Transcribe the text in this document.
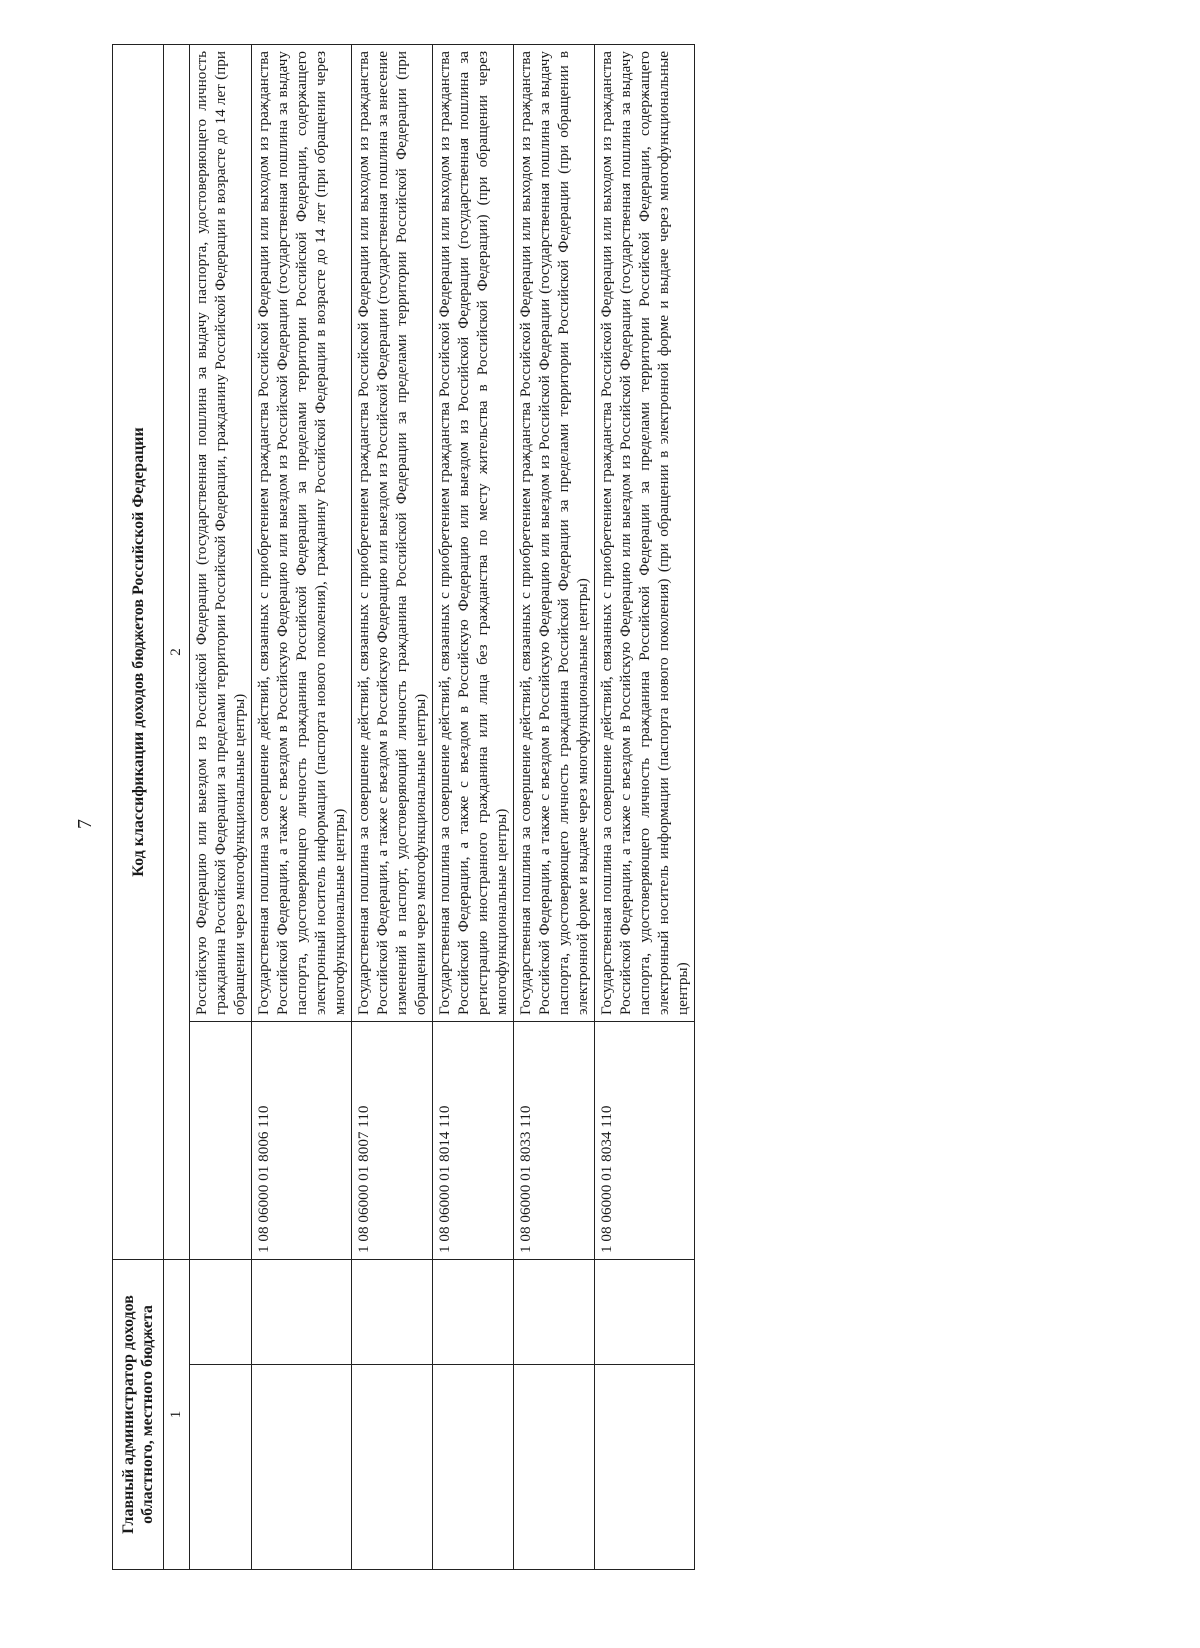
7
Главный администратор доходов областного, местного бюджета		Код классификации доходов бюджетов Российской Федерации	
1		2	
			Российскую Федерацию или выездом из Российской Федерации (государственная пошлина за выдачу паспорта, удостоверяющего личность гражданина Российской Федерации за пределами территории Российской Федерации, гражданину Российской Федерации в возрасте до 14 лет (при обращении через многофункциональные центры)
		1 08 06000 01 8006 110	Государственная пошлина за совершение действий, связанных с приобретением гражданства Российской Федерации или выходом из гражданства Российской Федерации, а также с въездом в Российскую Федерацию или выездом из Российской Федерации (государственная пошлина за выдачу паспорта, удостоверяющего личность гражданина Российской Федерации за пределами территории Российской Федерации, содержащего электронный носитель информации (паспорта нового поколения), гражданину Российской Федерации в возрасте до 14 лет (при обращении через многофункциональные центры)
		1 08 06000 01 8007 110	Государственная пошлина за совершение действий, связанных с приобретением гражданства Российской Федерации или выходом из гражданства Российской Федерации, а также с въездом в Российскую Федерацию или выездом из Российской Федерации (государственная пошлина за внесение изменений в паспорт, удостоверяющий личность гражданина Российской Федерации за пределами территории Российской Федерации (при обращении через многофункциональные центры)
		1 08 06000 01 8014 110	Государственная пошлина за совершение действий, связанных с приобретением гражданства Российской Федерации или выходом из гражданства Российской Федерации, а также с въездом в Российскую Федерацию или выездом из Российской Федерации (государственная пошлина за регистрацию иностранного гражданина или лица без гражданства по месту жительства в Российской Федерации) (при обращении через многофункциональные центры)
		1 08 06000 01 8033 110	Государственная пошлина за совершение действий, связанных с приобретением гражданства Российской Федерации или выходом из гражданства Российской Федерации, а также с въездом в Российскую Федерацию или выездом из Российской Федерации (государственная пошлина за выдачу паспорта, удостоверяющего личность гражданина Российской Федерации за пределами территории Российской Федерации (при обращении в электронной форме и выдаче через многофункциональные центры)
		1 08 06000 01 8034 110	Государственная пошлина за совершение действий, связанных с приобретением гражданства Российской Федерации или выходом из гражданства Российской Федерации, а также с въездом в Российскую Федерацию или выездом из Российской Федерации (государственная пошлина за выдачу паспорта, удостоверяющего личность гражданина Российской Федерации за пределами территории Российской Федерации, содержащего электронный носитель информации (паспорта нового поколения) (при обращении в электронной форме и выдаче через многофункциональные центры)
